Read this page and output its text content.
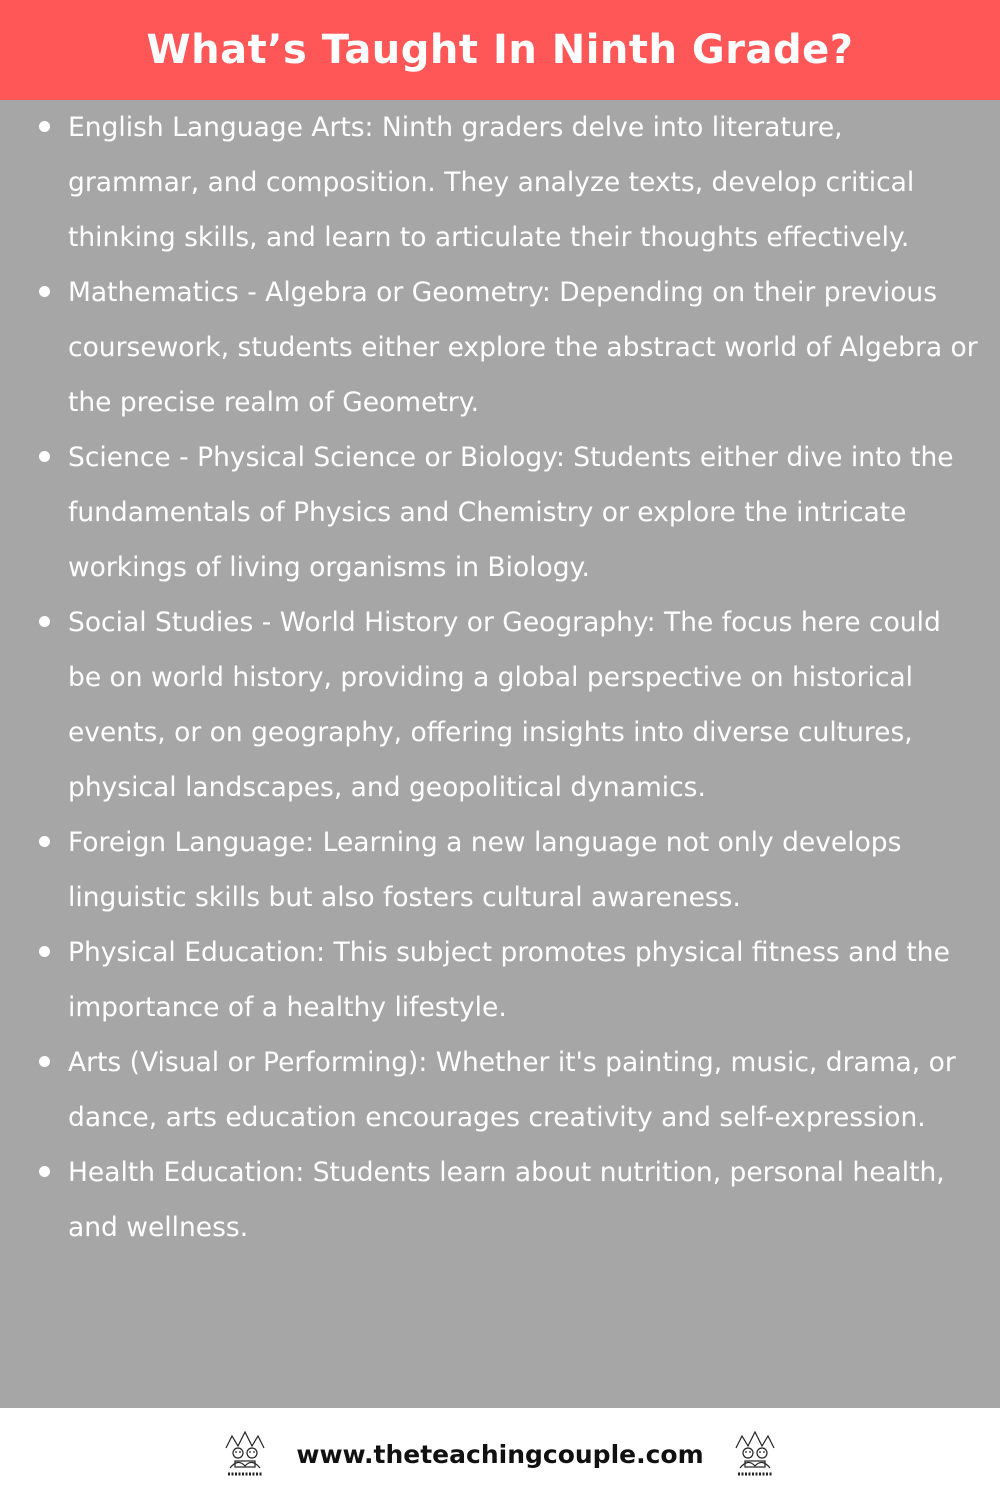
What’s Taught In Ninth Grade?
English Language Arts: Ninth graders delve into literature, grammar, and composition. They analyze texts, develop critical thinking skills, and learn to articulate their thoughts effectively.
Mathematics - Algebra or Geometry: Depending on their previous coursework, students either explore the abstract world of Algebra or the precise realm of Geometry.
Science - Physical Science or Biology: Students either dive into the fundamentals of Physics and Chemistry or explore the intricate workings of living organisms in Biology.
Social Studies - World History or Geography: The focus here could be on world history, providing a global perspective on historical events, or on geography, offering insights into diverse cultures, physical landscapes, and geopolitical dynamics.
Foreign Language: Learning a new language not only develops linguistic skills but also fosters cultural awareness.
Physical Education: This subject promotes physical fitness and the importance of a healthy lifestyle.
Arts (Visual or Performing): Whether it's painting, music, drama, or dance, arts education encourages creativity and self-expression.
Health Education: Students learn about nutrition, personal health, and wellness.
www.theteachingcouple.com
